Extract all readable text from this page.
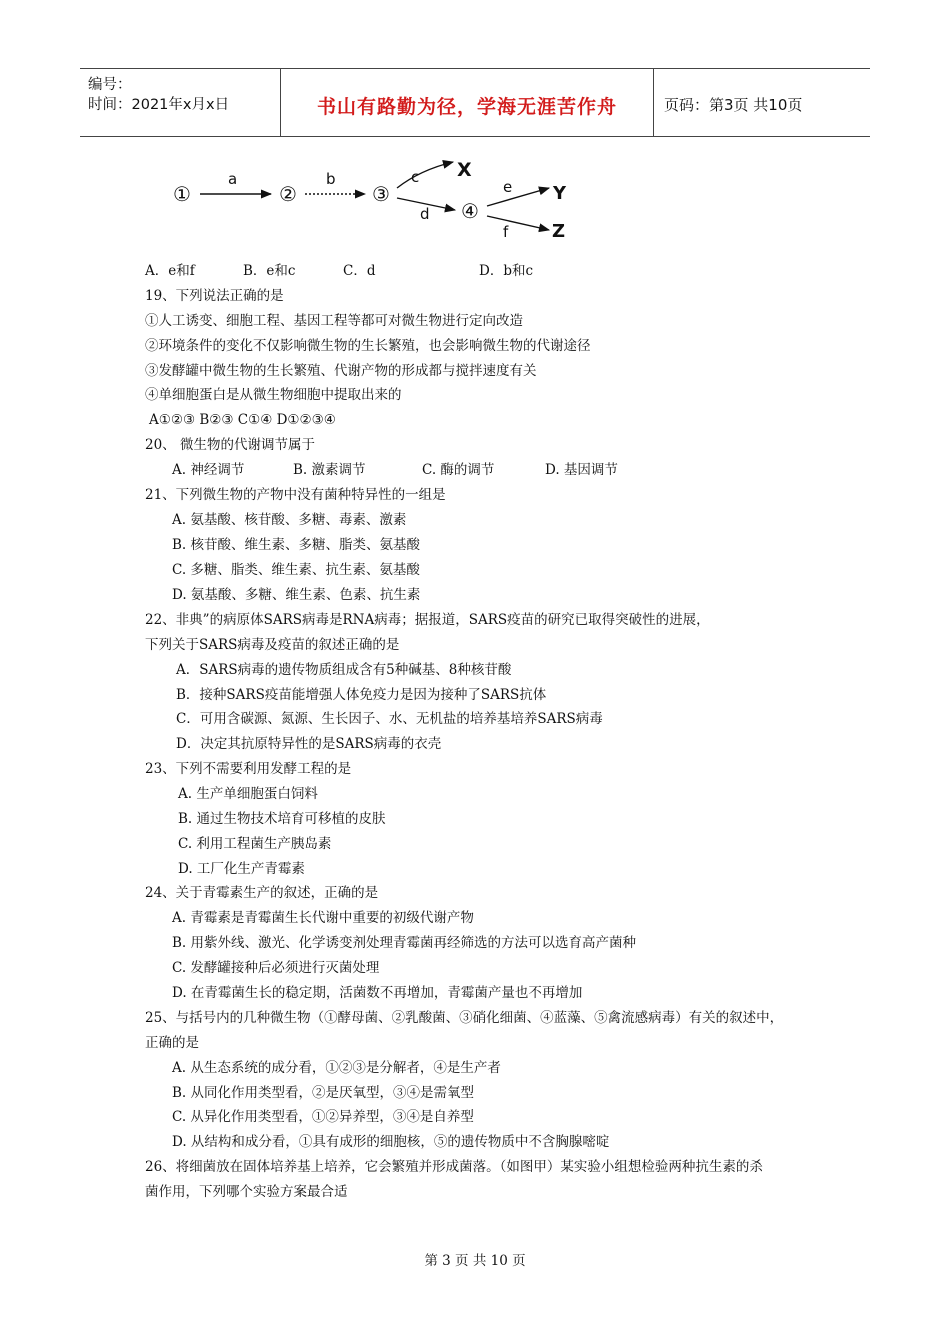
编号：
时间：2021年x月x日	书山有路勤为径，学海无涯苦作舟	页码：第3页 共10页
①	②	③
④
X
Y
Z
a	b	c
d
e
f
A．e和f	B．e和c	C．d	D．b和c
19、下列说法正确的是
①人工诱变、细胞工程、基因工程等都可对微生物进行定向改造
②环境条件的变化不仅影响微生物的生长繁殖，也会影响微生物的代谢途径
③发酵罐中微生物的生长繁殖、代谢产物的形成都与搅拌速度有关
④单细胞蛋白是从微生物细胞中提取出来的
A①②③ B②③ C①④ D①②③④
20、 微生物的代谢调节属于
A. 神经调节	B. 激素调节	C. 酶的调节	D. 基因调节
21、下列微生物的产物中没有菌种特异性的一组是
A. 氨基酸、核苷酸、多糖、毒素、激素
B. 核苷酸、维生素、多糖、脂类、氨基酸
C. 多糖、脂类、维生素、抗生素、氨基酸
D. 氨基酸、多糖、维生素、色素、抗生素
22、非典”的病原体SARS病毒是RNA病毒；据报道，SARS疫苗的研究已取得突破性的进展，
下列关于SARS病毒及疫苗的叙述正确的是
A．SARS病毒的遗传物质组成含有5种碱基、8种核苷酸
B．接种SARS疫苗能增强人体免疫力是因为接种了SARS抗体
C．可用含碳源、氮源、生长因子、水、无机盐的培养基培养SARS病毒
D．决定其抗原特异性的是SARS病毒的衣壳
23、下列不需要利用发酵工程的是
A. 生产单细胞蛋白饲料
B. 通过生物技术培育可移植的皮肤
C. 利用工程菌生产胰岛素
D. 工厂化生产青霉素
24、关于青霉素生产的叙述，正确的是
A. 青霉素是青霉菌生长代谢中重要的初级代谢产物
B. 用紫外线、激光、化学诱变剂处理青霉菌再经筛选的方法可以选育高产菌种
C. 发酵罐接种后必须进行灭菌处理
D. 在青霉菌生长的稳定期，活菌数不再增加，青霉菌产量也不再增加
25、与括号内的几种微生物（①酵母菌、②乳酸菌、③硝化细菌、④蓝藻、⑤禽流感病毒）有关的叙述中，
正确的是
A. 从生态系统的成分看，①②③是分解者，④是生产者
B. 从同化作用类型看，②是厌氧型，③④是需氧型
C. 从异化作用类型看，①②异养型，③④是自养型
D. 从结构和成分看，①具有成形的细胞核，⑤的遗传物质中不含胸腺嘧啶
26、将细菌放在固体培养基上培养，它会繁殖并形成菌落。（如图甲）某实验小组想检验两种抗生素的杀
菌作用，下列哪个实验方案最合适
第 3 页 共 10 页
